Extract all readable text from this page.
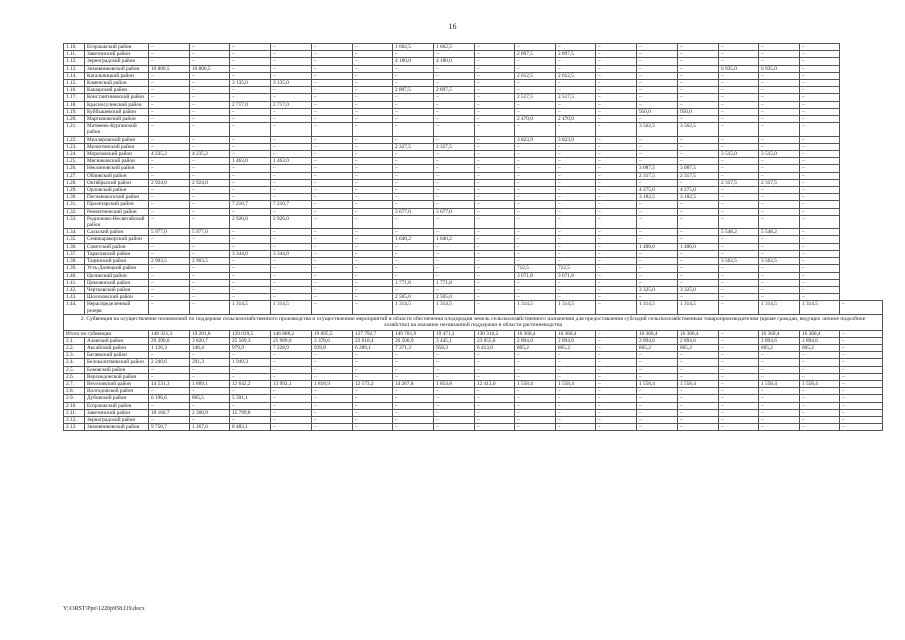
16
1.10.	Егорлыкский район	–	–	–	–	–	–	1 662,5	1 662,5	–	–	–	–	–	–	–	–	–	
1.11.	Заветинский район	–	–	–	–	–	–	–	–	–	2 897,5	2 897,5	–	–	–	–	–	–	
1.12.	Зерноградский район	–	–	–	–	–	–	4 180,0	4 180,0	–	–	–	–	–	–	–	–	–	
1.13.	Зимовниковский район	10 806,5	10 806,5	–	–	–	–	–	–	–	–	–	–	–	–	6 935,0	6 935,0	–	
1.14.	Кагальницкий район	–	–	–	–	–	–	–	–	–	2 612,5	2 612,5	–	–	–	–	–	–	
1.15.	Каменский район	–	–	3 135,0	3 135,0	–	–	–	–	–	–	–	–	–	–	–	–	–	
1.16.	Кашарский район	–	–	–	–	–	–	2 897,5	2 897,5	–	–	–	–	–	–	–	–	–	
1.17.	Константиновский район	–	–	–	–	–	–	–	–	–	2 517,5	2 517,5	–	–	–	–	–	–	
1.18.	Красносулинский район	–	–	2 717,0	2 717,0	–	–	–	–	–	–	–	–	–	–	–	–	–	
1.19.	Куйбышевский район	–	–	–	–	–	–	–	–	–	–	–	–	950,0	950,0	–	–	–	
1.20.	Мартыновский район	–	–	–	–	–	–	–	–	–	2 470,0	2 470,0	–	–	–	–	–	–	
1.21.	Матвеево-Курганский район	–	–	–	–	–	–	–	–	–	–	–	–	3 562,5	3 562,5	–	–	–	
1.22.	Миллеровский район	–	–	–	–	–	–	–	–	–	3 823,9	3 823,9	–	–	–	–	–	–	
1.23.	Милютинский район	–	–	–	–	–	–	2 327,5	2 327,5	–	–	–	–	–	–	–	–	–	
1.24.	Морозовский район	4 235,2	4 235,2	–	–	–	–	–	–	–	–	–	–	–	–	3 515,0	3 515,0	–	
1.25.	Мясниковский район	–	–	1 463,0	1 463,0	–	–	–	–	–	–	–	–	–	–	–	–	–	
1.26.	Неклиновский район	–	–	–	–	–	–	–	–	–	–	–	–	3 087,5	3 087,5	–	–	–	
1.27.	Обливский район	–	–	–	–	–	–	–	–	–	–	–	–	2 317,5	2 317,5	–	–	–	
1.28.	Октябрьский район	2 924,0	2 924,0	–	–	–	–	–	–	–	–	–	–	–	–	2 317,5	2 317,5	–	
1.29.	Орловский район	–	–	–	–	–	–	–	–	–	–	–	–	4 275,0	4 275,0	–	–	–	
1.30.	Песчанокопский район	–	–	–	–	–	–	–	–	–	–	–	–	3 182,5	3 182,5	–	–	–	
1.31.	Пролетарский район	–	–	7 210,7	7 210,7	–	–	–	–	–	–	–	–	–	–	–	–	–	
1.32.	Ремонтненский район	–	–	–	–	–	–	3 677,0	3 677,0	–	–	–	–	–	–	–	–	–	
1.33.	Родионово-Несветайский район	–	–	2 926,0	2 926,0	–	–	–	–	–	–	–	–	–	–	–	–	–	
1.34.	Сальский район	5 977,0	5 977,0	–	–	–	–	–	–	–	–	–	–	–	–	5 548,2	5 548,2	–	
1.35.	Семикаракорский район	–	–	–	–	–	–	1 640,2	1 640,2	–	–	–	–	–	–	–	–	–	
1.36.	Советский район	–	–	–	–	–	–	–	–	–	–	–	–	1 406,0	1 406,0	–	–	–	
1.37.	Тарасовский район	–	–	3 344,0	3 344,0	–	–	–	–	–	–	–	–	–	–	–	–	–	
1.38.	Тацинский район	2 903,5	2 903,5	–	–	–	–	–	–	–	–	–	–	–	–	3 562,5	3 562,5	–	
1.39.	Усть-Донецкий район	–	–	–	–	–	–	–	–	–	712,5	712,5	–	–	–	–	–	–	
1.40.	Целинский район	–	–	–	–	–	–	–	–	–	3 671,8	3 671,8	–	–	–	–	–	–	
1.41.	Цимлянский район	–	–	–	–	–	–	1 771,8	1 771,8	–	–	–	–	–	–	–	–	–	
1.42.	Чертковский район	–	–	–	–	–	–	–	–	–	–	–	–	3 325,0	3 325,0	–	–	–	
1.43.	Шолоховский район	–	–	–	–	–	–	2 565,0	2 565,0	–	–	–	–	–	–	–	–	–	
1.44.	Нераспределенный резерв	–	–	1 314,5	1 314,5	–	–	1 314,5	1 314,5	–	1 314,5	1 314,5	–	1 314,5	1 314,5	–	1 314,5	1 314,5	–
2. Субвенция на осуществление полномочий по поддержке сельскохозяйственного производства и осуществлению мероприятий в области обеспечения плодородия земель сельскохозяйственного назначения для предоставления субсидий сельскохозяйственным товаропроизводителям (кроме граждан, ведущих личное подсобное хозяйство) на оказание несвязанной поддержки в области растениеводства																			
Итого по субвенции		148 321,3	19 281,8	129 039,5	146 888,2	19 095,5	127 792,7	149 781,9	19 471,2	130 310,2	16 360,4	16 360,4	–	16 360,4	16 360,4	–	16 360,4	16 360,4	–
2.1.	Азовский район	29 390,0	3 820,7	25 569,3	25 989,0	3 378,6	22 610,4	26 500,9	3 445,1	23 055,8	2 894,6	2 894,6	–	2 894,6	2 894,6	–	2 894,6	2 894,6	–
2.2.	Аксайский район	1 126,3	146,4	979,9	7 228,9	939,8	6 289,1	7 371,3	958,3	6 413,0	805,2	805,2	–	805,2	805,2	–	805,2	805,2	–
2.3.	Багаевский район	–	–	–	–	–	–	–	–	–	–	–	–	–	–	–	–	–	–
2.4.	Белокалитвинский район	2 240,6	291,3	1 949,3	–	–	–	–	–	–	–	–	–	–	–	–	–	–	–
2.5.	Боковский район	–	–	–	–	–	–	–	–	–	–	–	–	–	–	–	–	–	–
2.6.	Верхнедонской район	–	–	–	–	–	–	–	–	–	–	–	–	–	–	–	–	–	–
2.7.	Веселовский район	14 531,3	1 889,1	12 642,2	13 992,1	1 818,9	12 173,2	14 267,8	1 854,8	12 413,0	1 558,4	1 558,4	–	1 558,4	1 558,4	–	1 558,4	1 558,4	–
2.8.	Волгодонской район	–	–	–	–	–	–	–	–	–	–	–	–	–	–	–	–	–	–
2.9.	Дубовский район	6 196,6	805,5	5 391,1	–	–	–	–	–	–	–	–	–	–	–	–	–	–	–
2.10.	Егорлыкский район	–	–	–	–	–	–	–	–	–	–	–	–	–	–	–	–	–	–
2.11.	Заветинский район	18 160,7	2 360,9	15 799,8	–	–	–	–	–	–	–	–	–	–	–	–	–	–	–
2.12.	Зерноградский район	–	–	–	–	–	–	–	–	–	–	–	–	–	–	–	–	–	–
2.13.	Зимовниковский район	9 750,7	1 267,6	8 483,1	–	–	–	–	–	–	–	–	–	–	–	–	–	–	–
Y:\ORST\Ppo\1220p958.f19.docx
